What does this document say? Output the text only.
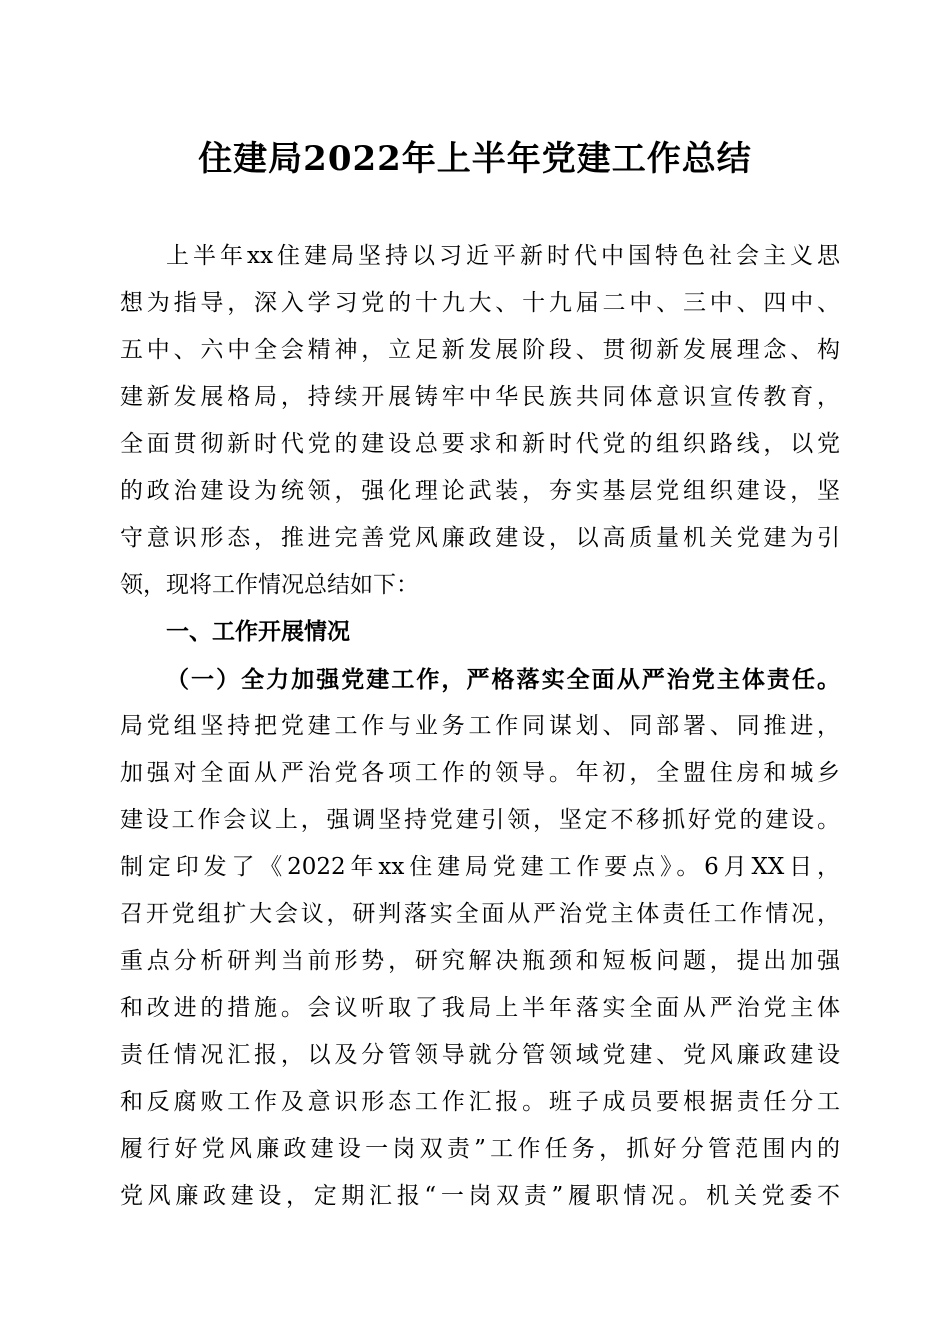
住建局2022年上半年党建工作总结
上半年xx住建局坚持以习近平新时代中国特色社会主义思
想为指导，深入学习党的十九大、十九届二中、三中、四中、
五中、六中全会精神，立足新发展阶段、贯彻新发展理念、构
建新发展格局，持续开展铸牢中华民族共同体意识宣传教育，
全面贯彻新时代党的建设总要求和新时代党的组织路线，以党
的政治建设为统领，强化理论武装，夯实基层党组织建设，坚
守意识形态，推进完善党风廉政建设，以高质量机关党建为引
领，现将工作情况总结如下：
一、工作开展情况
（一）全力加强党建工作，严格落实全面从严治党主体责任。
局党组坚持把党建工作与业务工作同谋划、同部署、同推进，
加强对全面从严治党各项工作的领导。年初，全盟住房和城乡
建设工作会议上，强调坚持党建引领，坚定不移抓好党的建设。
制定印发了《2022年xx住建局党建工作要点》。6月XX日，
召开党组扩大会议，研判落实全面从严治党主体责任工作情况，
重点分析研判当前形势，研究解决瓶颈和短板问题，提出加强
和改进的措施。会议听取了我局上半年落实全面从严治党主体
责任情况汇报，以及分管领导就分管领域党建、党风廉政建设
和反腐败工作及意识形态工作汇报。班子成员要根据责任分工
履行好党风廉政建设一岗双责”工作任务，抓好分管范围内的
党风廉政建设，定期汇报“一岗双责”履职情况。机关党委不
